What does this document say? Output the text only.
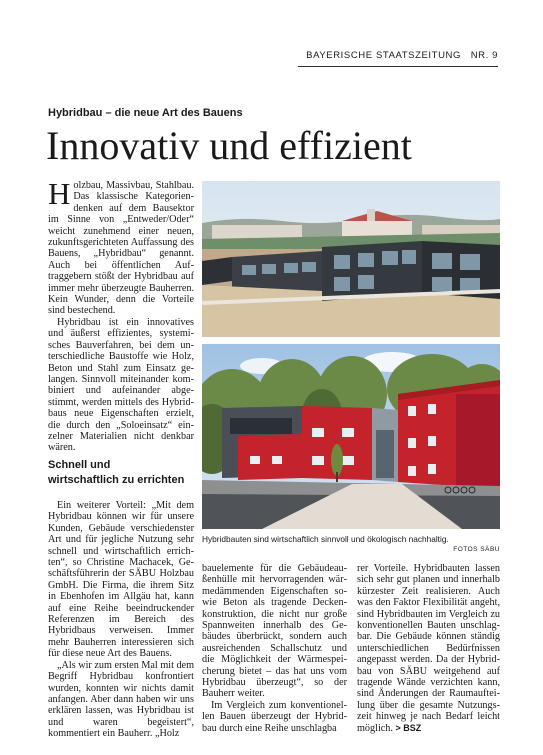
BAYERISCHE STAATSZEITUNG NR. 9
Hybridbau – die neue Art des Bauens
Innovativ und effizient

Holzbau, Massivbau, Stahlbau. Das klassische Kategoriendenken auf dem Bausektor im Sinne von „Entweder/Oder“ weicht zunehmend einer neuen, zukunftsgerichteten Auffassung des Bauens, „Hybridbau“ genannt. Auch bei öffentlichen Auftraggebern stößt der Hybridbau auf immer mehr überzeugte Bauherren. Kein Wunder, denn die Vorteile sind bestechend.

Hybridbau ist ein innovatives und äußerst effizientes, systemisches Bauverfahren, bei dem unterschiedliche Baustoffe wie Holz, Beton und Stahl zum Einsatz gelangen. Sinnvoll miteinander kombiniert und aufeinander abgestimmt, werden mittels des Hybridbaus neue Eigenschaften erzielt, die durch den „Soloeinsatz“ einzelner Materialien nicht denkbar wären.

Schnell und
wirtschaftlich zu errichten

Ein weiterer Vorteil: „Mit dem Hybridbau können wir für unsere Kunden, Gebäude verschiedenster Art und für jegliche Nutzung sehr schnell und wirtschaftlich errichten“, so Christine Machacek, Geschäftsführerin der SÄBU Holzbau GmbH. Die Firma, die ihrem Sitz in Ebenhofen im Allgäu hat, kann auf eine Reihe beeindruckender Referenzen im Bereich des Hybridbaus verweisen. Immer mehr Bauherren interessieren sich für diese neue Art des Bauens.

„Als wir zum ersten Mal mit dem Begriff Hybridbau konfrontiert wurden, konnten wir nichts damit anfangen. Aber dann haben wir uns erklären lassen, was Hybridbau ist und waren begeistert“, kommentiert ein Bauherr. „Holz

bauelemente für die Gebäudeaußenhülle mit hervorragenden wärmedämmenden Eigenschaften sowie Beton als tragende Deckenkonstruktion, die nicht nur große Spannweiten innerhalb des Gebäudes überbrückt, sondern auch ausreichenden Schallschutz und die Möglichkeit der Wärmespeicherung bietet – das hat uns vom Hybridbau überzeugt“, so der Bauherr weiter.

Im Vergleich zum konventionellen Bauen überzeugt der Hybridbau durch eine Reihe unschlagba

rer Vorteile. Hybridbauten lassen sich sehr gut planen und innerhalb kürzester Zeit realisieren. Auch was den Faktor Flexibilität angeht, sind Hybridbauten im Vergleich zu konventionellen Bauten unschlagbar. Die Gebäude können ständig unterschiedlichen Bedürfnissen angepasst werden. Da der Hybridbau von SÄBU weitgehend auf tragende Wände verzichten kann, sind Änderungen der Raumaufteilung über die gesamte Nutzungszeit hinweg je nach Bedarf leicht möglich. > BSZ

Hybridbauten sind wirtschaftlich sinnvoll und ökologisch nachhaltig.
FOTOS SÄBU
